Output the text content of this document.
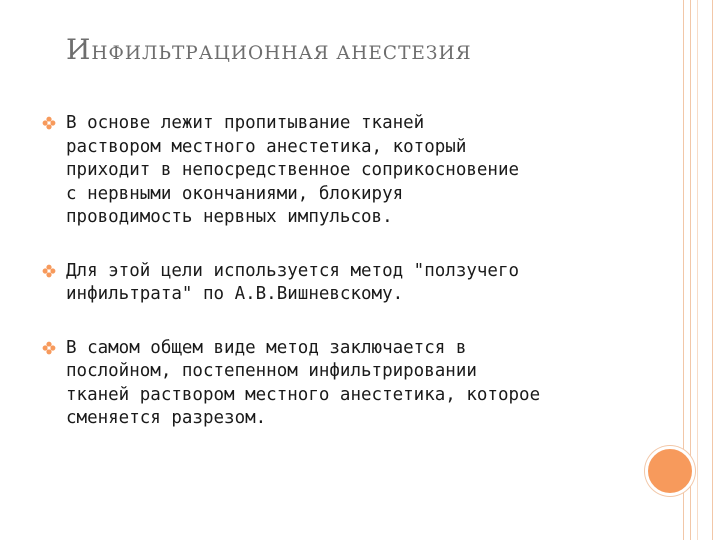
ИНФИЛЬТРАЦИОННАЯ АНЕСТЕЗИЯ
В основе лежит пропитывание тканей
раствором местного анестетика, который
приходит в непосредственное соприкосновение
с нервными окончаниями, блокируя
проводимость нервных импульсов.
Для этой цели используется метод "ползучего
инфильтрата" по А.В.Вишневскому.
В самом общем виде метод заключается в
послойном, постепенном инфильтрировании
тканей раствором местного анестетика, которое
сменяется разрезом.
